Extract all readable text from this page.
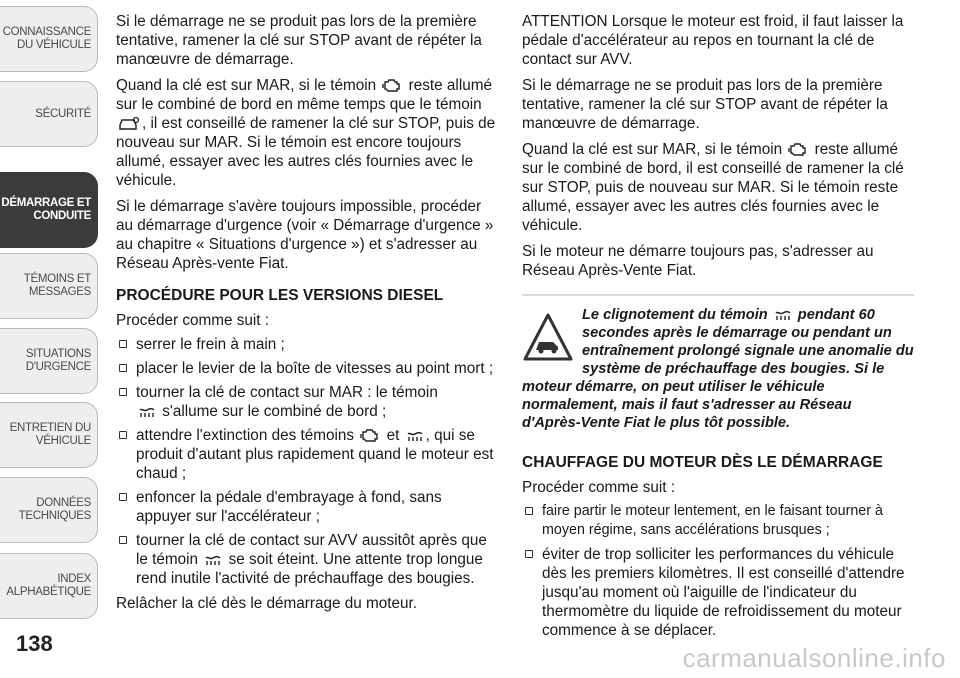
CONNAISSANCE
DU VÉHICULE
SÉCURITÉ
DÉMARRAGE ET
CONDUITE
TÉMOINS ET
MESSAGES
SITUATIONS
D'URGENCE
ENTRETIEN DU
VÉHICULE
DONNÉES
TECHNIQUES
INDEX
ALPHABÉTIQUE
138

Si le démarrage ne se produit pas lors de la première tentative, ramener la clé sur STOP avant de répéter la manœuvre de démarrage.

Quand la clé est sur MAR, si le témoin reste allumé sur le combiné de bord en même temps que le témoin , il est conseillé de ramener la clé sur STOP, puis de nouveau sur MAR. Si le témoin est encore toujours allumé, essayer avec les autres clés fournies avec le véhicule.

Si le démarrage s'avère toujours impossible, procéder au démarrage d'urgence (voir « Démarrage d'urgence » au chapitre « Situations d'urgence ») et s'adresser au Réseau Après-vente Fiat.

PROCÉDURE POUR LES VERSIONS DIESEL

Procéder comme suit :

serrer le frein à main ;
placer le levier de la boîte de vitesses au point mort ;
tourner la clé de contact sur MAR : le témoin
s'allume sur le combiné de bord ;
attendre l'extinction des témoins et , qui se produit d'autant plus rapidement quand le moteur est chaud ;
enfoncer la pédale d'embrayage à fond, sans appuyer sur l'accélérateur ;
tourner la clé de contact sur AVV aussitôt après que le témoin se soit éteint. Une attente trop longue rend inutile l'activité de préchauffage des bougies.

Relâcher la clé dès le démarrage du moteur.

ATTENTION Lorsque le moteur est froid, il faut laisser la pédale d'accélérateur au repos en tournant la clé de contact sur AVV.

Si le démarrage ne se produit pas lors de la première tentative, ramener la clé sur STOP avant de répéter la manœuvre de démarrage.

Quand la clé est sur MAR, si le témoin reste allumé sur le combiné de bord, il est conseillé de ramener la clé sur STOP, puis de nouveau sur MAR. Si le témoin reste allumé, essayer avec les autres clés fournies avec le véhicule.

Si le moteur ne démarre toujours pas, s'adresser au Réseau Après-Vente Fiat.

Le clignotement du témoin pendant 60 secondes après le démarrage ou pendant un entraînement prolongé signale une anomalie du système de préchauffage des bougies. Si le moteur démarre, on peut utiliser le véhicule normalement, mais il faut s'adresser au Réseau d'Après-Vente Fiat le plus tôt possible.
CHAUFFAGE DU MOTEUR DÈS LE DÉMARRAGE

Procéder comme suit :

faire partir le moteur lentement, en le faisant tourner à moyen régime, sans accélérations brusques ;
éviter de trop solliciter les performances du véhicule dès les premiers kilomètres. Il est conseillé d'attendre jusqu'au moment où l'aiguille de l'indicateur du thermomètre du liquide de refroidissement du moteur commence à se déplacer.
carmanualsonline.info
